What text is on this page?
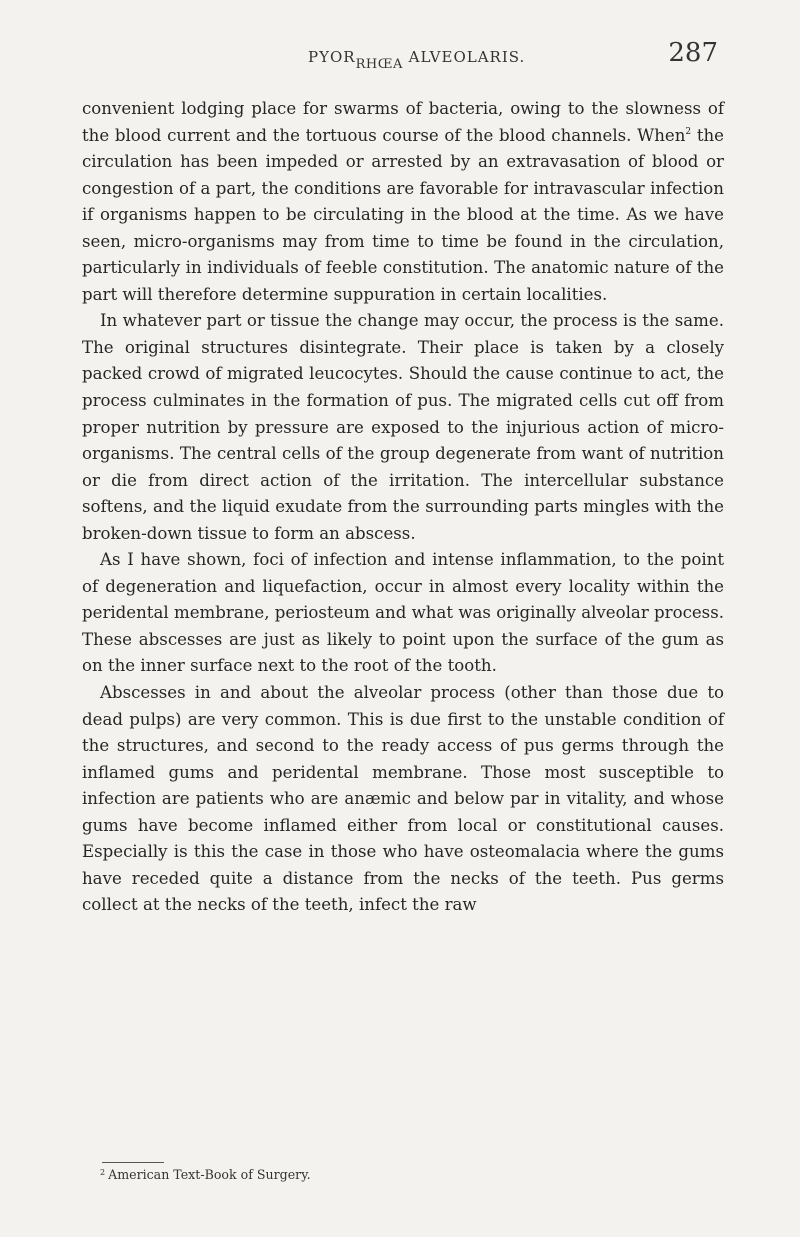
PYORRHŒA ALVEOLARIS.	287

convenient lodging place for swarms of bacteria, owing to the slowness of the blood current and the tortuous course of the blood channels. When$^2$ the circulation has been impeded or arrested by an extravasation of blood or congestion of a part, the conditions are favorable for intravascular infection if organisms happen to be circulating in the blood at the time. As we have seen, micro-organisms may from time to time be found in the circulation, particularly in individuals of feeble constitution. The anatomic nature of the part will therefore determine suppuration in certain localities.

In whatever part or tissue the change may occur, the process is the same. The original structures disintegrate. Their place is taken by a closely packed crowd of migrated leucocytes. Should the cause continue to act, the process culminates in the formation of pus. The migrated cells cut off from proper nutrition by pressure are exposed to the injurious action of micro-organisms. The central cells of the group degenerate from want of nutrition or die from direct action of the irritation. The intercellular substance softens, and the liquid exudate from the surrounding parts mingles with the broken-down tissue to form an abscess.

As I have shown, foci of infection and intense inflammation, to the point of degeneration and liquefaction, occur in almost every locality within the peridental membrane, periosteum and what was originally alveolar process. These abscesses are just as likely to point upon the surface of the gum as on the inner surface next to the root of the tooth.

Abscesses in and about the alveolar process (other than those due to dead pulps) are very common. This is due first to the unstable condition of the structures, and second to the ready access of pus germs through the inflamed gums and peridental membrane. Those most susceptible to infection are patients who are anæmic and below par in vitality, and whose gums have become inflamed either from local or constitutional causes. Especially is this the case in those who have osteomalacia where the gums have receded quite a distance from the necks of the teeth. Pus germs collect at the necks of the teeth, infect the raw

$^2$ American Text-Book of Surgery.
